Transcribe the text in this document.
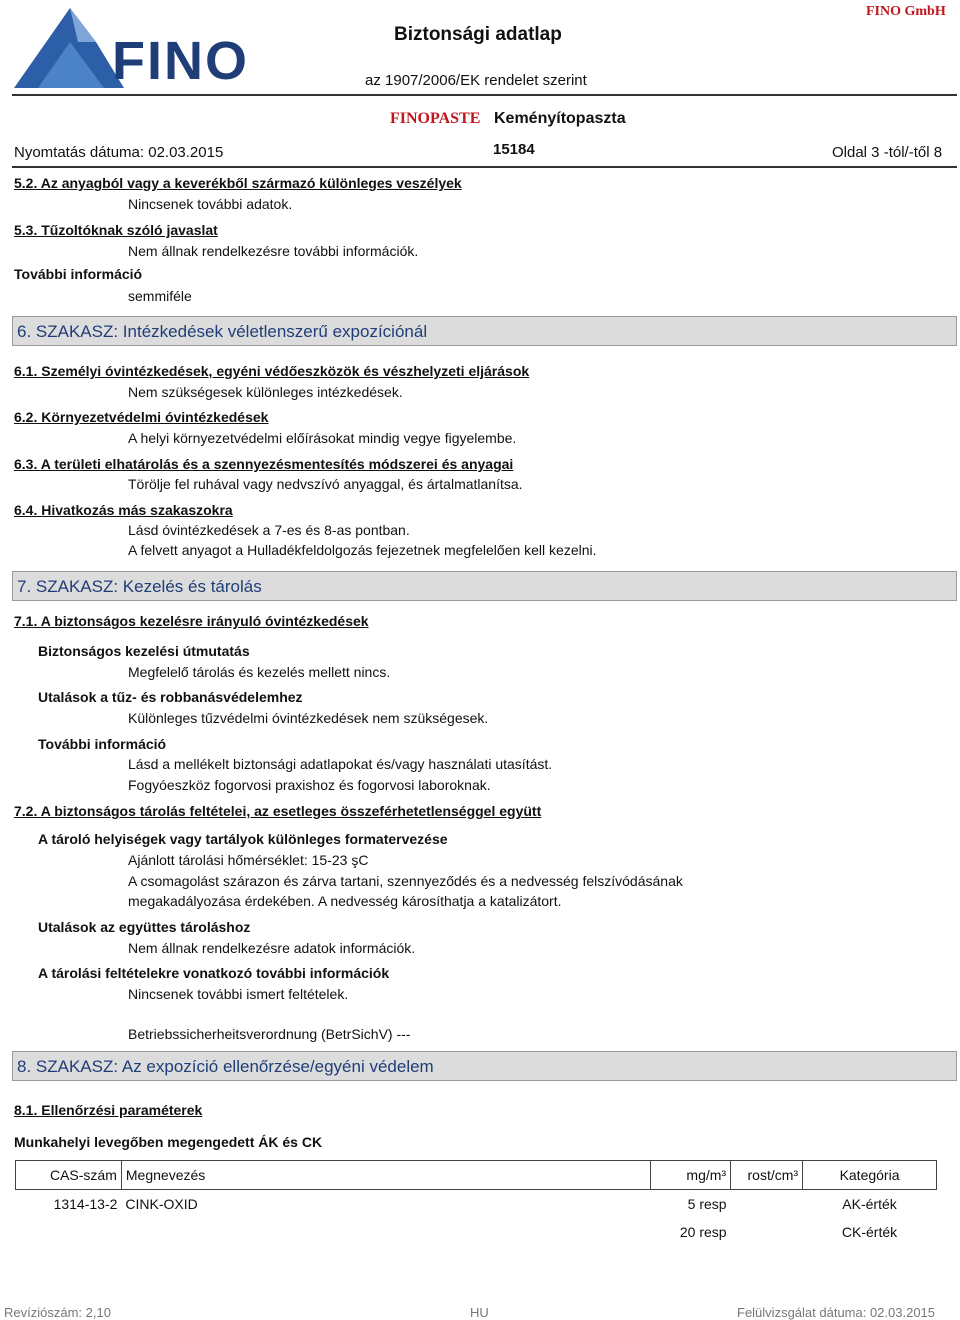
FINO	Biztonsági adatlap
FINO GmbH
az 1907/2006/EK rendelet szerint
FINOPASTE Keményítopaszta
Nyomtatás dátuma: 02.03.2015	15184	Oldal 3 -tól/-től 8
5.2. Az anyagból vagy a keverékből származó különleges veszélyek
Nincsenek további adatok.
5.3. Tűzoltóknak szóló javaslat
Nem állnak rendelkezésre további információk.
További információ
semmiféle
6. SZAKASZ: Intézkedések véletlenszerű expozíciónál
6.1. Személyi óvintézkedések, egyéni védőeszközök és vészhelyzeti eljárások
Nem szükségesek különleges intézkedések.
6.2. Környezetvédelmi óvintézkedések
A helyi környezetvédelmi előírásokat mindig vegye figyelembe.
6.3. A területi elhatárolás és a szennyezésmentesítés módszerei és anyagai
Törölje fel ruhával vagy nedvszívó anyaggal, és ártalmatlanítsa.
6.4. Hivatkozás más szakaszokra
Lásd óvintézkedések a 7-es és 8-as pontban.
A felvett anyagot a Hulladékfeldolgozás fejezetnek megfelelően kell kezelni.
7. SZAKASZ: Kezelés és tárolás
7.1. A biztonságos kezelésre irányuló óvintézkedések
Biztonságos kezelési útmutatás
Megfelelő tárolás és kezelés mellett nincs.
Utalások a tűz- és robbanásvédelemhez
Különleges tűzvédelmi óvintézkedések nem szükségesek.
További információ
Lásd a mellékelt biztonsági adatlapokat és/vagy használati utasítást.
Fogyóeszköz fogorvosi praxishoz és fogorvosi laboroknak.
7.2. A biztonságos tárolás feltételei, az esetleges összeférhetetlenséggel együtt
A tároló helyiségek vagy tartályok különleges formatervezése
Ajánlott tárolási hőmérséklet: 15-23 şC
A csomagolást szárazon és zárva tartani, szennyeződés és a nedvesség felszívódásának
megakadályozása érdekében. A nedvesség károsíthatja a katalizátort.
Utalások az együttes tároláshoz
Nem állnak rendelkezésre adatok információk.
A tárolási feltételekre vonatkozó további információk
Nincsenek további ismert feltételek.
Betriebssicherheitsverordnung (BetrSichV) ---
8. SZAKASZ: Az expozíció ellenőrzése/egyéni védelem
8.1. Ellenőrzési paraméterek
Munkahelyi levegőben megengedett ÁK és CK
CAS-szám	Megnevezés	mg/m³	rost/cm³	Kategória
1314-13-2	CINK-OXID	5 resp		AK-érték
		20 resp		CK-érték
Revíziószám: 2,10	HU	Felülvizsgálat dátuma: 02.03.2015
